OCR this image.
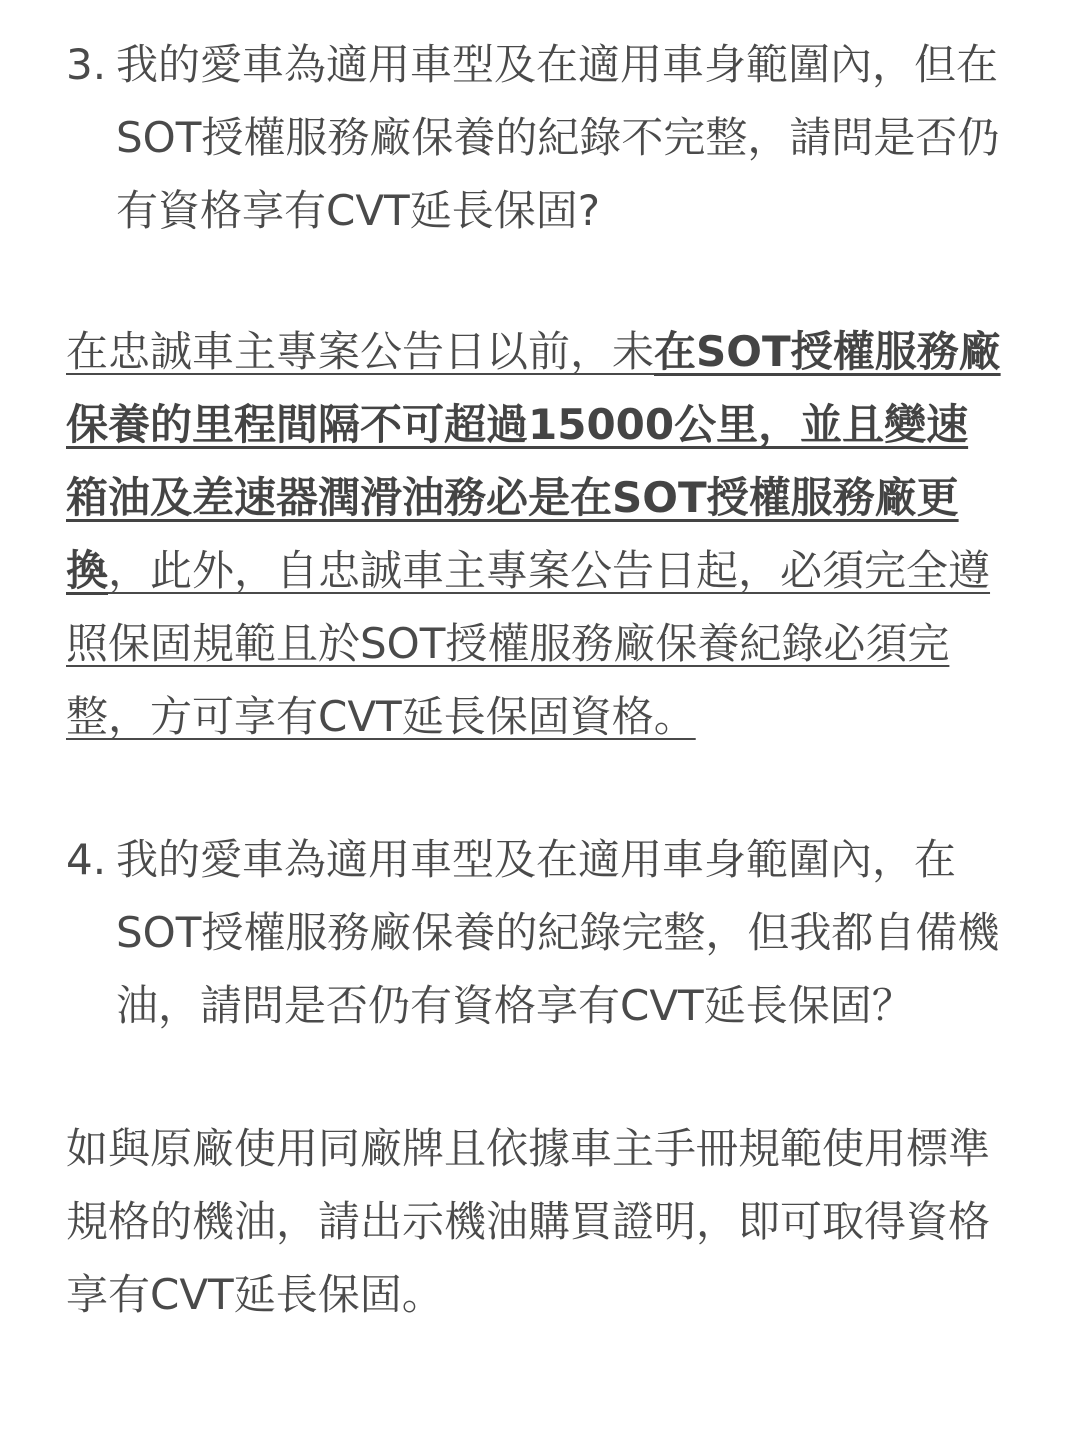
3. 我的愛車為適用車型及在適用車身範圍內，但在SOT授權服務廠保養的紀錄不完整，請問是否仍有資格享有CVT延長保固?

在忠誠車主專案公告日以前，未在SOT授權服務廠保養的里程間隔不可超過15000公里，並且變速箱油及差速器潤滑油務必是在SOT授權服務廠更換，此外，自忠誠車主專案公告日起，必須完全遵照保固規範且於SOT授權服務廠保養紀錄必須完整，方可享有CVT延長保固資格。

4. 我的愛車為適用車型及在適用車身範圍內，在SOT授權服務廠保養的紀錄完整，但我都自備機油，請問是否仍有資格享有CVT延長保固？

如與原廠使用同廠牌且依據車主手冊規範使用標準規格的機油，請出示機油購買證明，即可取得資格享有CVT延長保固。
